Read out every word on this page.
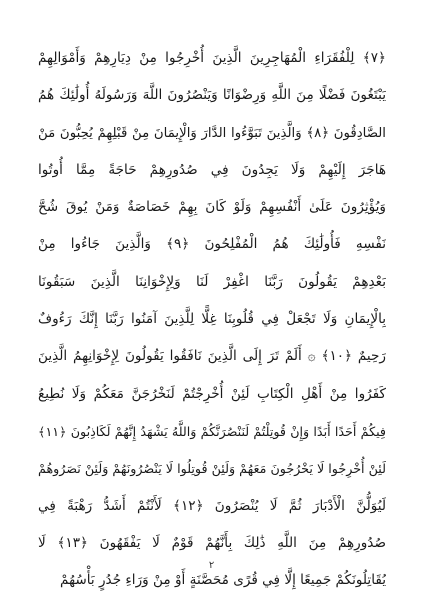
﴿٧﴾ لِلْفُقَرَاءِ الْمُهَاجِرِينَ الَّذِينَ أُخْرِجُوا مِنْ دِيَارِهِمْ وَأَمْوَالِهِمْ
يَبْتَغُونَ فَضْلًا مِنَ اللَّهِ وَرِضْوَانًا وَيَنْصُرُونَ اللَّهَ وَرَسُولَهُ أُولَٰئِكَ هُمُ
الصَّادِقُونَ ﴿٨﴾ وَالَّذِينَ تَبَوَّءُوا الدَّارَ وَالْإِيمَانَ مِنْ قَبْلِهِمْ يُحِبُّونَ مَنْ
هَاجَرَ إِلَيْهِمْ وَلَا يَجِدُونَ فِي صُدُورِهِمْ حَاجَةً مِمَّا أُوتُوا
وَيُؤْثِرُونَ عَلَىٰ أَنْفُسِهِمْ وَلَوْ كَانَ بِهِمْ خَصَاصَةٌ وَمَنْ يُوقَ شُحَّ
نَفْسِهِ فَأُولَٰئِكَ هُمُ الْمُفْلِحُونَ ﴿٩﴾ وَالَّذِينَ جَاءُوا مِنْ
بَعْدِهِمْ يَقُولُونَ رَبَّنَا اغْفِرْ لَنَا وَلِإِخْوَانِنَا الَّذِينَ سَبَقُونَا
بِالْإِيمَانِ وَلَا تَجْعَلْ فِي قُلُوبِنَا غِلًّا لِلَّذِينَ آمَنُوا رَبَّنَا إِنَّكَ رَءُوفٌ
رَحِيمٌ ﴿١٠﴾ ۞ أَلَمْ تَرَ إِلَى الَّذِينَ نَافَقُوا يَقُولُونَ لِإِخْوَانِهِمُ الَّذِينَ
كَفَرُوا مِنْ أَهْلِ الْكِتَابِ لَئِنْ أُخْرِجْتُمْ لَنَخْرُجَنَّ مَعَكُمْ وَلَا نُطِيعُ
فِيكُمْ أَحَدًا أَبَدًا وَإِنْ قُوتِلْتُمْ لَنَنْصُرَنَّكُمْ وَاللَّهُ يَشْهَدُ إِنَّهُمْ لَكَاذِبُونَ ﴿١١﴾
لَئِنْ أُخْرِجُوا لَا يَخْرُجُونَ مَعَهُمْ وَلَئِنْ قُوتِلُوا لَا يَنْصُرُونَهُمْ وَلَئِنْ نَصَرُوهُمْ
لَيُوَلُّنَّ الْأَدْبَارَ ثُمَّ لَا يُنْصَرُونَ ﴿١٢﴾ لَأَنْتُمْ أَشَدُّ رَهْبَةً فِي
صُدُورِهِمْ مِنَ اللَّهِ ذَٰلِكَ بِأَنَّهُمْ قَوْمٌ لَا يَفْقَهُونَ ﴿١٣﴾ لَا
يُقَاتِلُونَكُمْ جَمِيعًا إِلَّا فِي قُرًى مُحَصَّنَةٍ أَوْ مِنْ وَرَاءِ جُدُرٍ بَأْسُهُمْ
٢
